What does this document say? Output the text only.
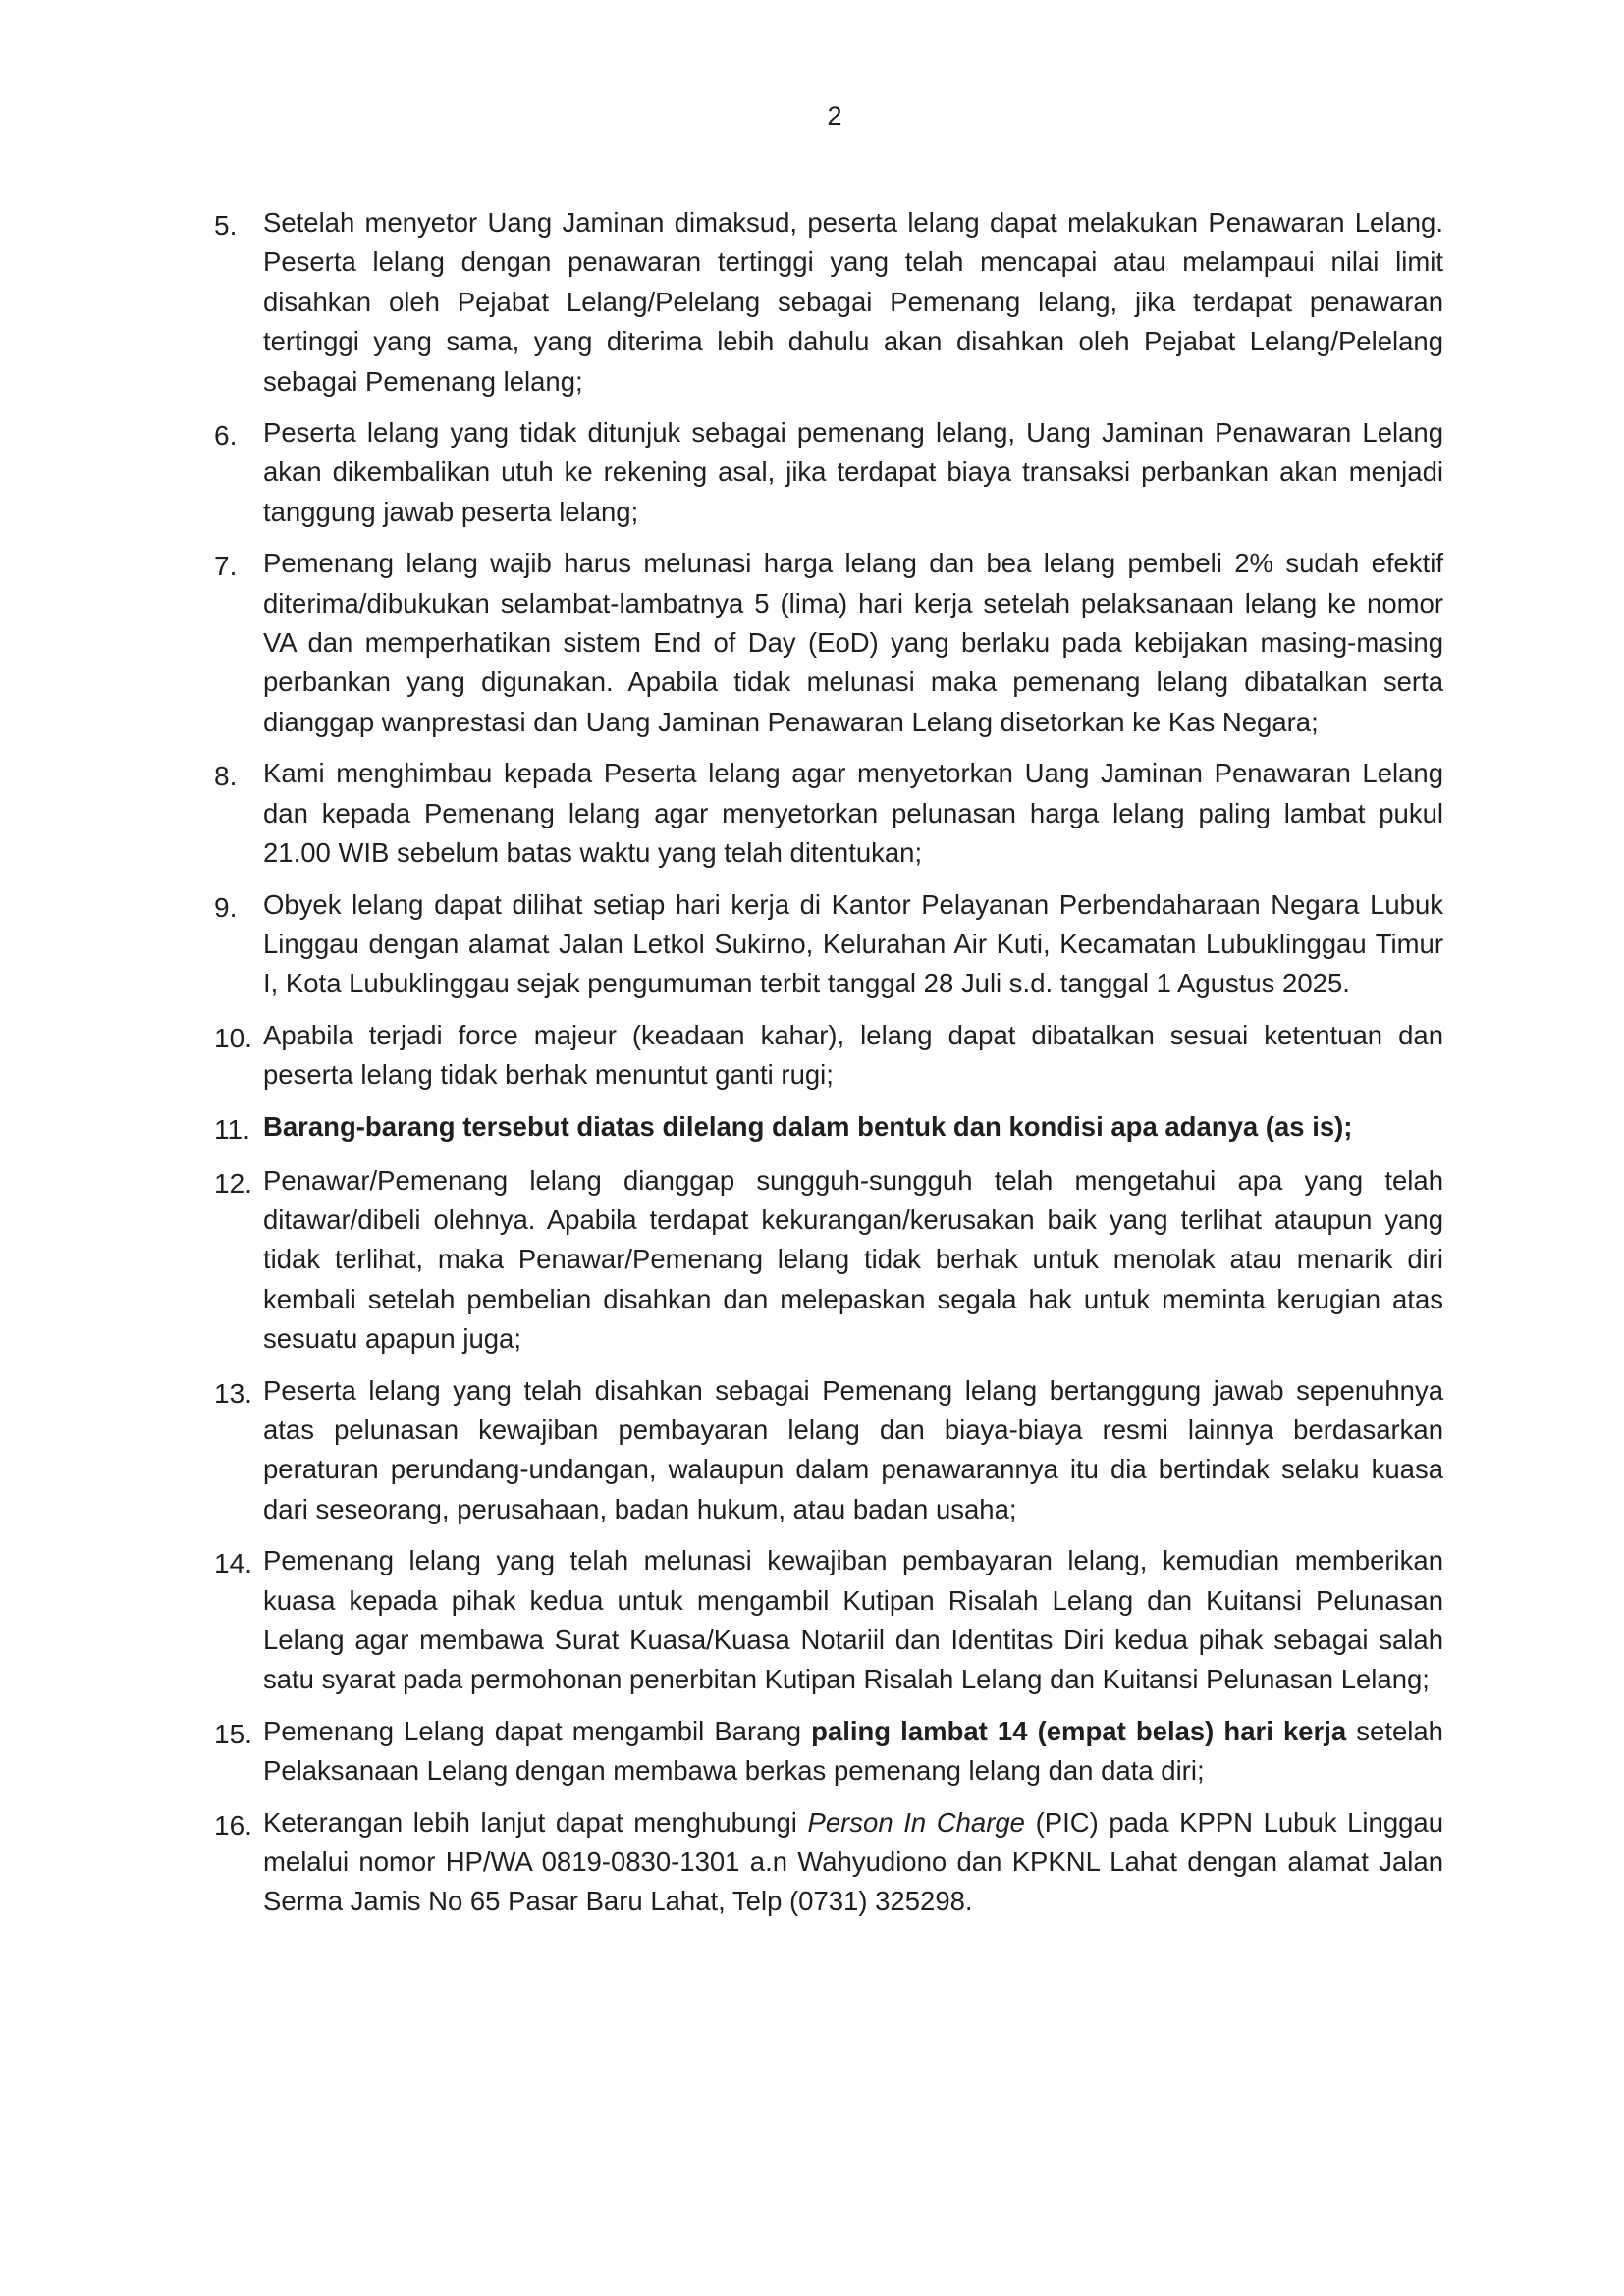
2
5. Setelah menyetor Uang Jaminan dimaksud, peserta lelang dapat melakukan Penawaran Lelang. Peserta lelang dengan penawaran tertinggi yang telah mencapai atau melampaui nilai limit disahkan oleh Pejabat Lelang/Pelelang sebagai Pemenang lelang, jika terdapat penawaran tertinggi yang sama, yang diterima lebih dahulu akan disahkan oleh Pejabat Lelang/Pelelang sebagai Pemenang lelang;
6. Peserta lelang yang tidak ditunjuk sebagai pemenang lelang, Uang Jaminan Penawaran Lelang akan dikembalikan utuh ke rekening asal, jika terdapat biaya transaksi perbankan akan menjadi tanggung jawab peserta lelang;
7. Pemenang lelang wajib harus melunasi harga lelang dan bea lelang pembeli 2% sudah efektif diterima/dibukukan selambat-lambatnya 5 (lima) hari kerja setelah pelaksanaan lelang ke nomor VA dan memperhatikan sistem End of Day (EoD) yang berlaku pada kebijakan masing-masing perbankan yang digunakan. Apabila tidak melunasi maka pemenang lelang dibatalkan serta dianggap wanprestasi dan Uang Jaminan Penawaran Lelang disetorkan ke Kas Negara;
8. Kami menghimbau kepada Peserta lelang agar menyetorkan Uang Jaminan Penawaran Lelang dan kepada Pemenang lelang agar menyetorkan pelunasan harga lelang paling lambat pukul 21.00 WIB sebelum batas waktu yang telah ditentukan;
9. Obyek lelang dapat dilihat setiap hari kerja di Kantor Pelayanan Perbendaharaan Negara Lubuk Linggau dengan alamat Jalan Letkol Sukirno, Kelurahan Air Kuti, Kecamatan Lubuklinggau Timur I, Kota Lubuklinggau sejak pengumuman terbit tanggal 28 Juli s.d. tanggal 1 Agustus 2025.
10. Apabila terjadi force majeur (keadaan kahar), lelang dapat dibatalkan sesuai ketentuan dan peserta lelang tidak berhak menuntut ganti rugi;
11. Barang-barang tersebut diatas dilelang dalam bentuk dan kondisi apa adanya (as is);
12. Penawar/Pemenang lelang dianggap sungguh-sungguh telah mengetahui apa yang telah ditawar/dibeli olehnya. Apabila terdapat kekurangan/kerusakan baik yang terlihat ataupun yang tidak terlihat, maka Penawar/Pemenang lelang tidak berhak untuk menolak atau menarik diri kembali setelah pembelian disahkan dan melepaskan segala hak untuk meminta kerugian atas sesuatu apapun juga;
13. Peserta lelang yang telah disahkan sebagai Pemenang lelang bertanggung jawab sepenuhnya atas pelunasan kewajiban pembayaran lelang dan biaya-biaya resmi lainnya berdasarkan peraturan perundang-undangan, walaupun dalam penawarannya itu dia bertindak selaku kuasa dari seseorang, perusahaan, badan hukum, atau badan usaha;
14. Pemenang lelang yang telah melunasi kewajiban pembayaran lelang, kemudian memberikan kuasa kepada pihak kedua untuk mengambil Kutipan Risalah Lelang dan Kuitansi Pelunasan Lelang agar membawa Surat Kuasa/Kuasa Notariil dan Identitas Diri kedua pihak sebagai salah satu syarat pada permohonan penerbitan Kutipan Risalah Lelang dan Kuitansi Pelunasan Lelang;
15. Pemenang Lelang dapat mengambil Barang paling lambat 14 (empat belas) hari kerja setelah Pelaksanaan Lelang dengan membawa berkas pemenang lelang dan data diri;
16. Keterangan lebih lanjut dapat menghubungi Person In Charge (PIC) pada KPPN Lubuk Linggau melalui nomor HP/WA 0819-0830-1301 a.n Wahyudiono dan KPKNL Lahat dengan alamat Jalan Serma Jamis No 65 Pasar Baru Lahat, Telp (0731) 325298.
